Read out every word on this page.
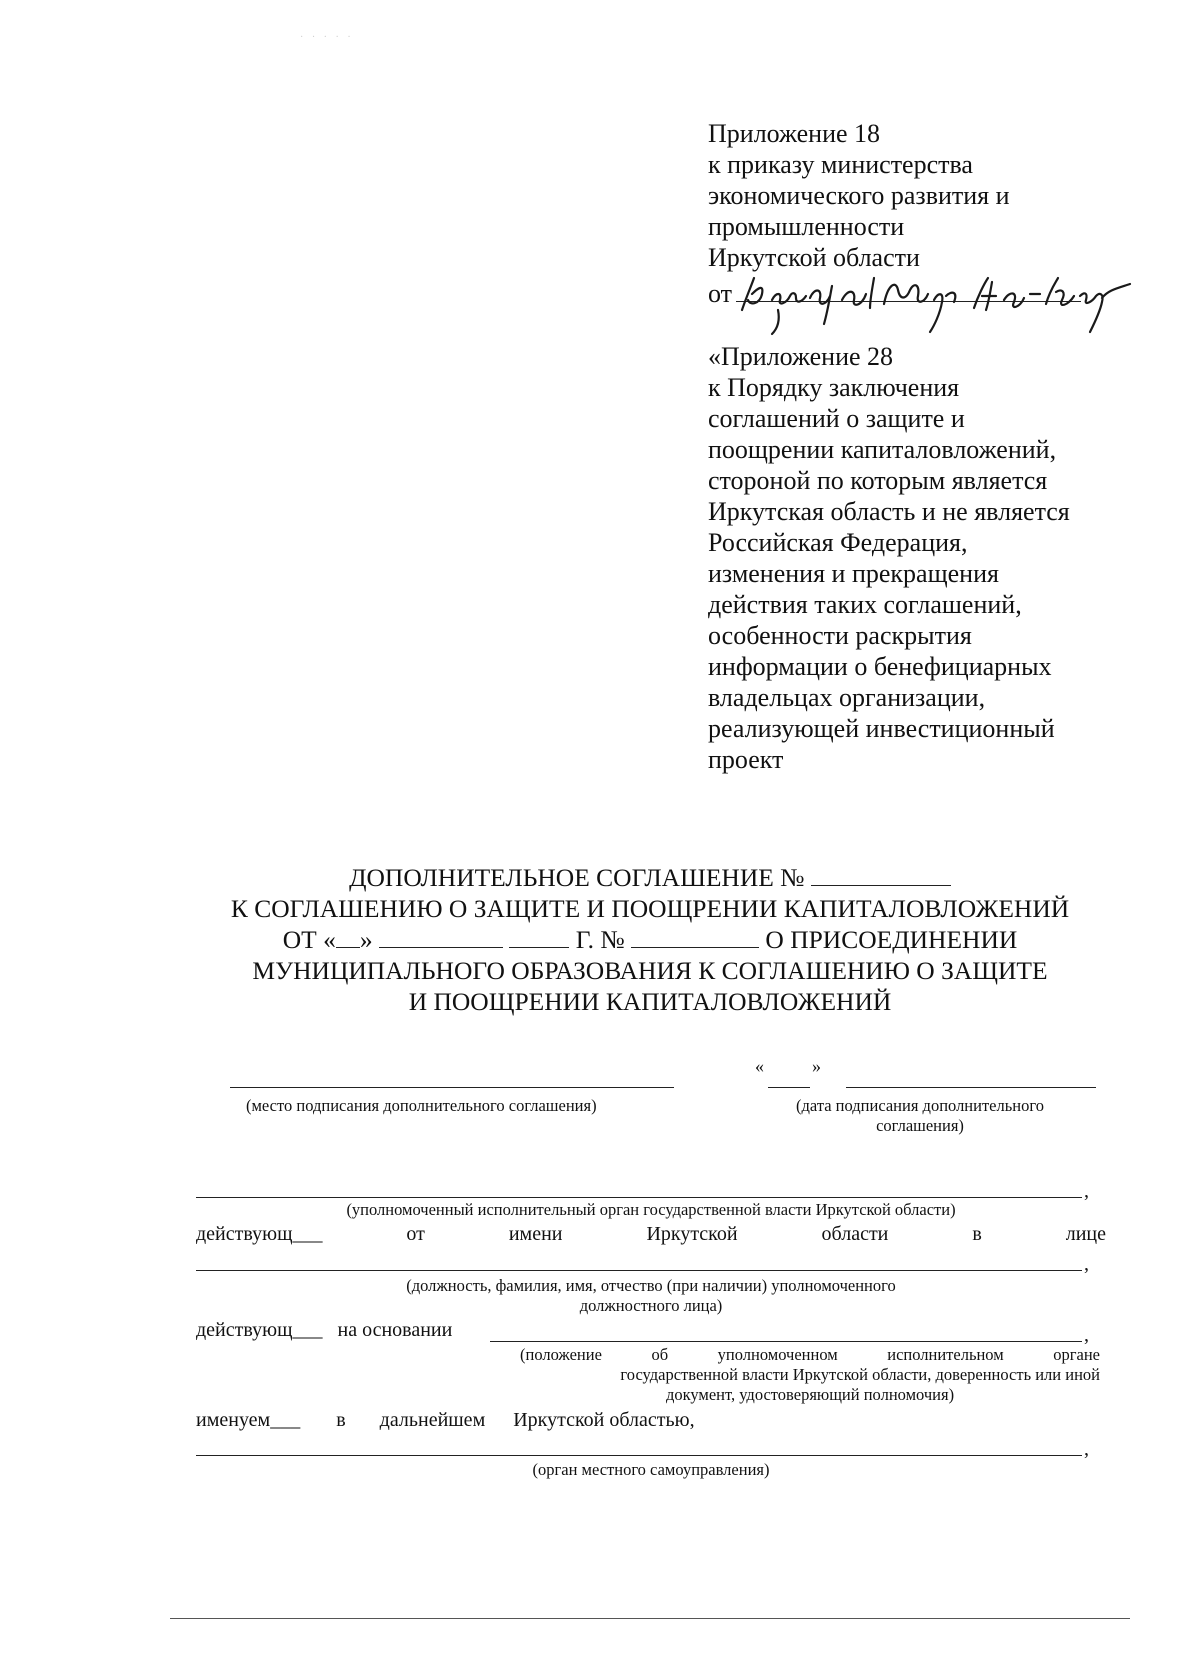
· · · · ·
Приложение 18
к приказу министерства
экономического развития и
промышленности
Иркутской области
от
«Приложение 28
к Порядку заключения
соглашений о защите и
поощрении капиталовложений,
стороной по которым является
Иркутская область и не является
Российская Федерация,
изменения и прекращения
действия таких соглашений,
особенности раскрытия
информации о бенефициарных
владельцах организации,
реализующей инвестиционный
проект
ДОПОЛНИТЕЛЬНОЕ СОГЛАШЕНИЕ №
К СОГЛАШЕНИЮ О ЗАЩИТЕ И ПООЩРЕНИИ КАПИТАЛОВЛОЖЕНИЙ
ОТ « »	Г. №	О ПРИСОЕДИНЕНИИ
МУНИЦИПАЛЬНОГО ОБРАЗОВАНИЯ К СОГЛАШЕНИЮ О ЗАЩИТЕ
И ПООЩРЕНИИ КАПИТАЛОВЛОЖЕНИЙ
«	»
(место подписания дополнительного соглашения)	(дата подписания дополнительного
соглашения)
,
(уполномоченный исполнительный орган государственной власти Иркутской области)
действующ___	от	имени	Иркутской	области	в	лице
,
(должность, фамилия, имя, отчество (при наличии) уполномоченного
должностного лица)
действующ___ на основании	,
(положение	об	уполномоченном	исполнительном	органе
государственной власти Иркутской области, доверенность или иной
документ, удостоверяющий полномочия)
именуем___ в дальнейшем Иркутской областью,
,
(орган местного самоуправления)
